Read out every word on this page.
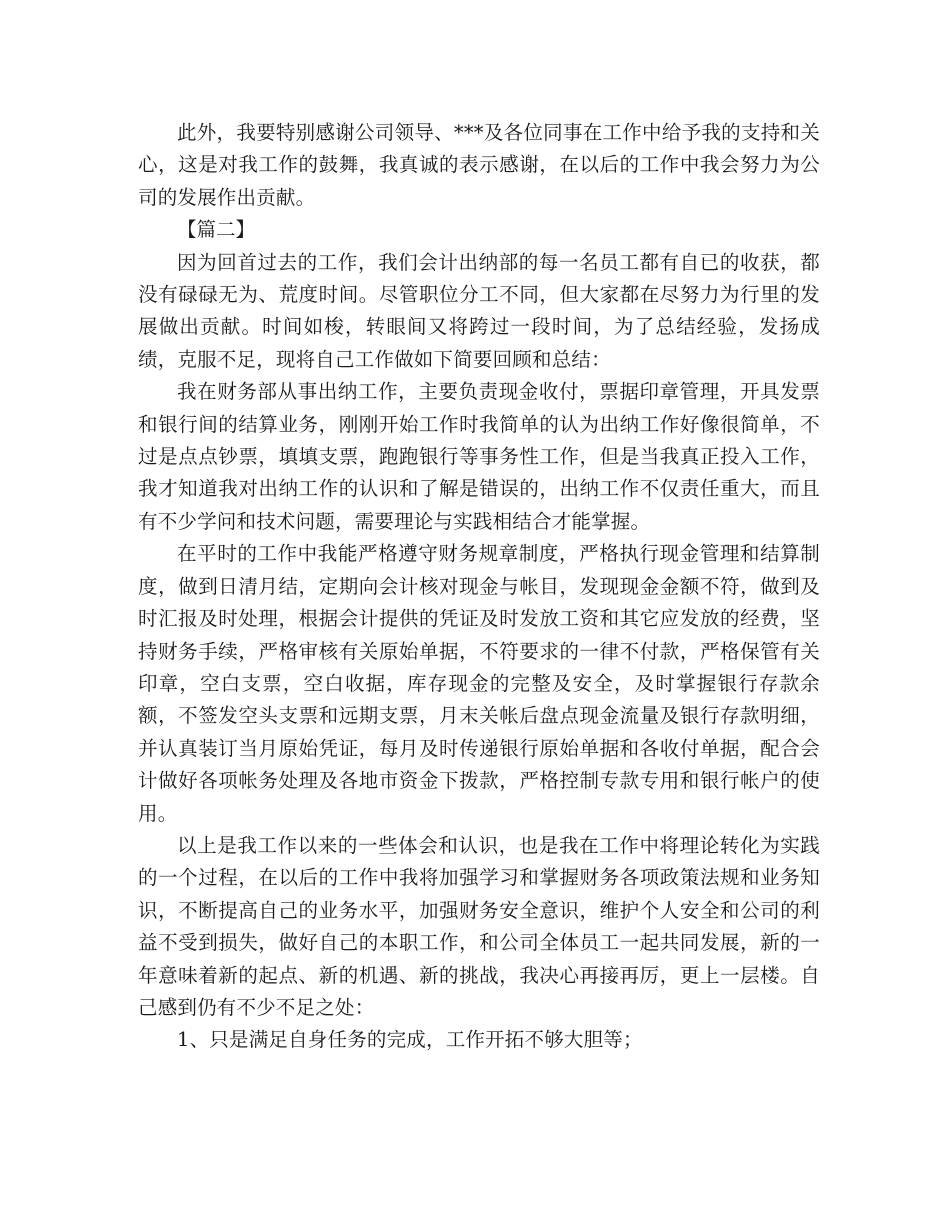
此外，我要特别感谢公司领导、***及各位同事在工作中给予我的支持和关心，这是对我工作的鼓舞，我真诚的表示感谢，在以后的工作中我会努力为公司的发展作出贡献。

【篇二】

因为回首过去的工作，我们会计出纳部的每一名员工都有自已的收获，都没有碌碌无为、荒度时间。尽管职位分工不同，但大家都在尽努力为行里的发展做出贡献。时间如梭，转眼间又将跨过一段时间，为了总结经验，发扬成绩，克服不足，现将自己工作做如下简要回顾和总结：

我在财务部从事出纳工作，主要负责现金收付，票据印章管理，开具发票和银行间的结算业务，刚刚开始工作时我简单的认为出纳工作好像很简单，不过是点点钞票，填填支票，跑跑银行等事务性工作，但是当我真正投入工作，我才知道我对出纳工作的认识和了解是错误的，出纳工作不仅责任重大，而且有不少学问和技术问题，需要理论与实践相结合才能掌握。

在平时的工作中我能严格遵守财务规章制度，严格执行现金管理和结算制度，做到日清月结，定期向会计核对现金与帐目，发现现金金额不符，做到及时汇报及时处理，根据会计提供的凭证及时发放工资和其它应发放的经费，坚持财务手续，严格审核有关原始单据，不符要求的一律不付款，严格保管有关印章，空白支票，空白收据，库存现金的完整及安全，及时掌握银行存款余额，不签发空头支票和远期支票，月末关帐后盘点现金流量及银行存款明细，并认真装订当月原始凭证，每月及时传递银行原始单据和各收付单据，配合会计做好各项帐务处理及各地市资金下拨款，严格控制专款专用和银行帐户的使用。

以上是我工作以来的一些体会和认识，也是我在工作中将理论转化为实践的一个过程，在以后的工作中我将加强学习和掌握财务各项政策法规和业务知识，不断提高自己的业务水平，加强财务安全意识，维护个人安全和公司的利益不受到损失，做好自己的本职工作，和公司全体员工一起共同发展，新的一年意味着新的起点、新的机遇、新的挑战，我决心再接再厉，更上一层楼。自己感到仍有不少不足之处：

1、只是满足自身任务的完成，工作开拓不够大胆等；
